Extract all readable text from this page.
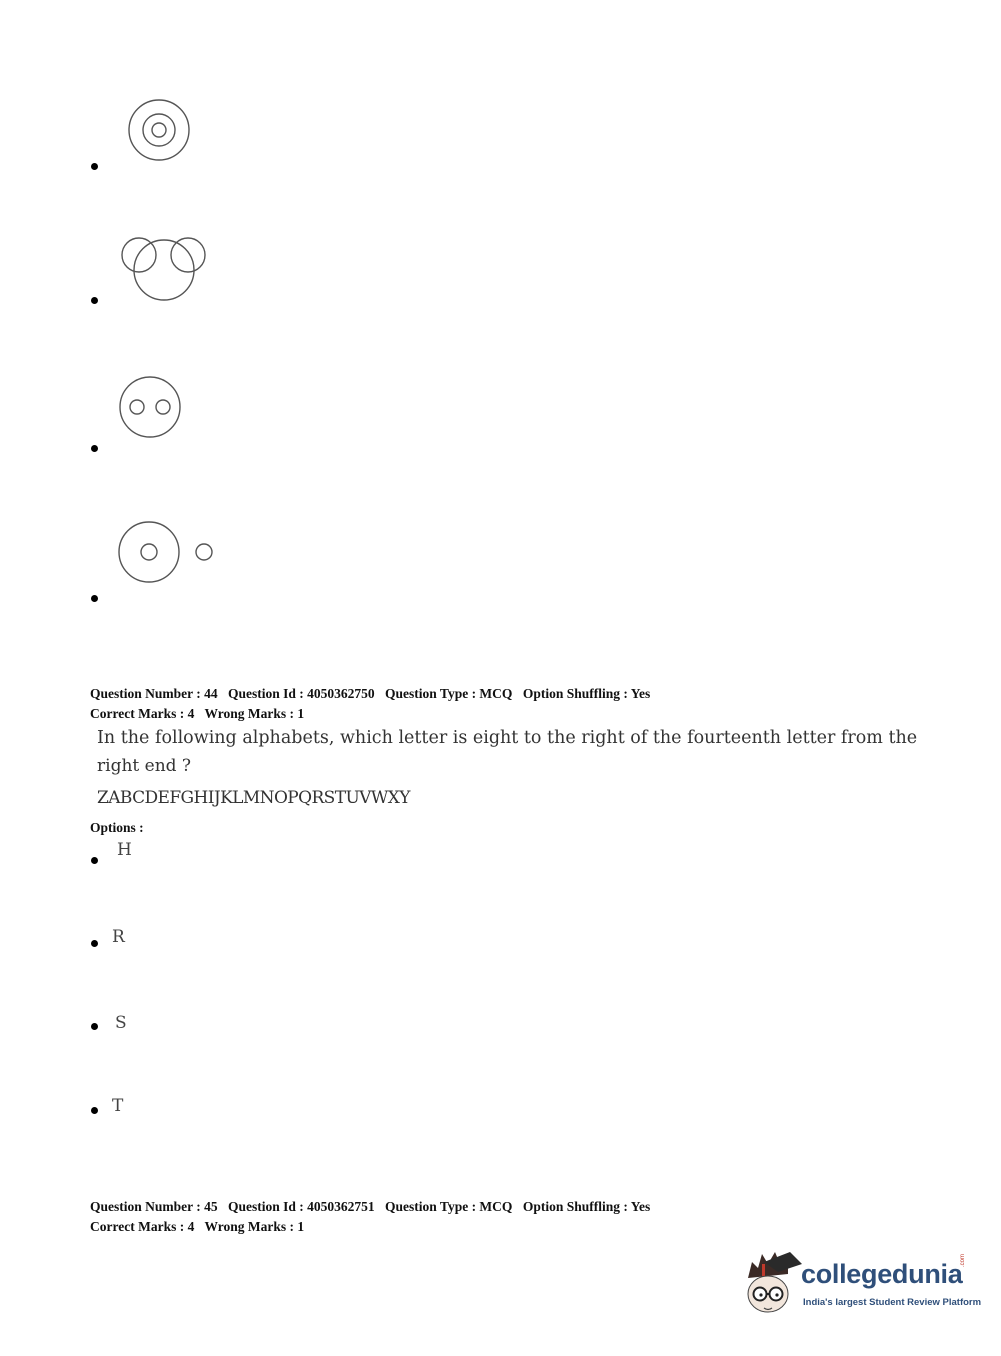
Question Number : 44 Question Id : 4050362750 Question Type : MCQ Option Shuffling : Yes
Correct Marks : 4 Wrong Marks : 1
In the following alphabets, which letter is eight to the right of the fourteenth letter from the
right end ?
ZABCDEFGHIJKLMNOPQRSTUVWXY
Options :
H
R
S
T
Question Number : 45 Question Id : 4050362751 Question Type : MCQ Option Shuffling : Yes
Correct Marks : 4 Wrong Marks : 1
collegedunia
.com
India's largest Student Review Platform
